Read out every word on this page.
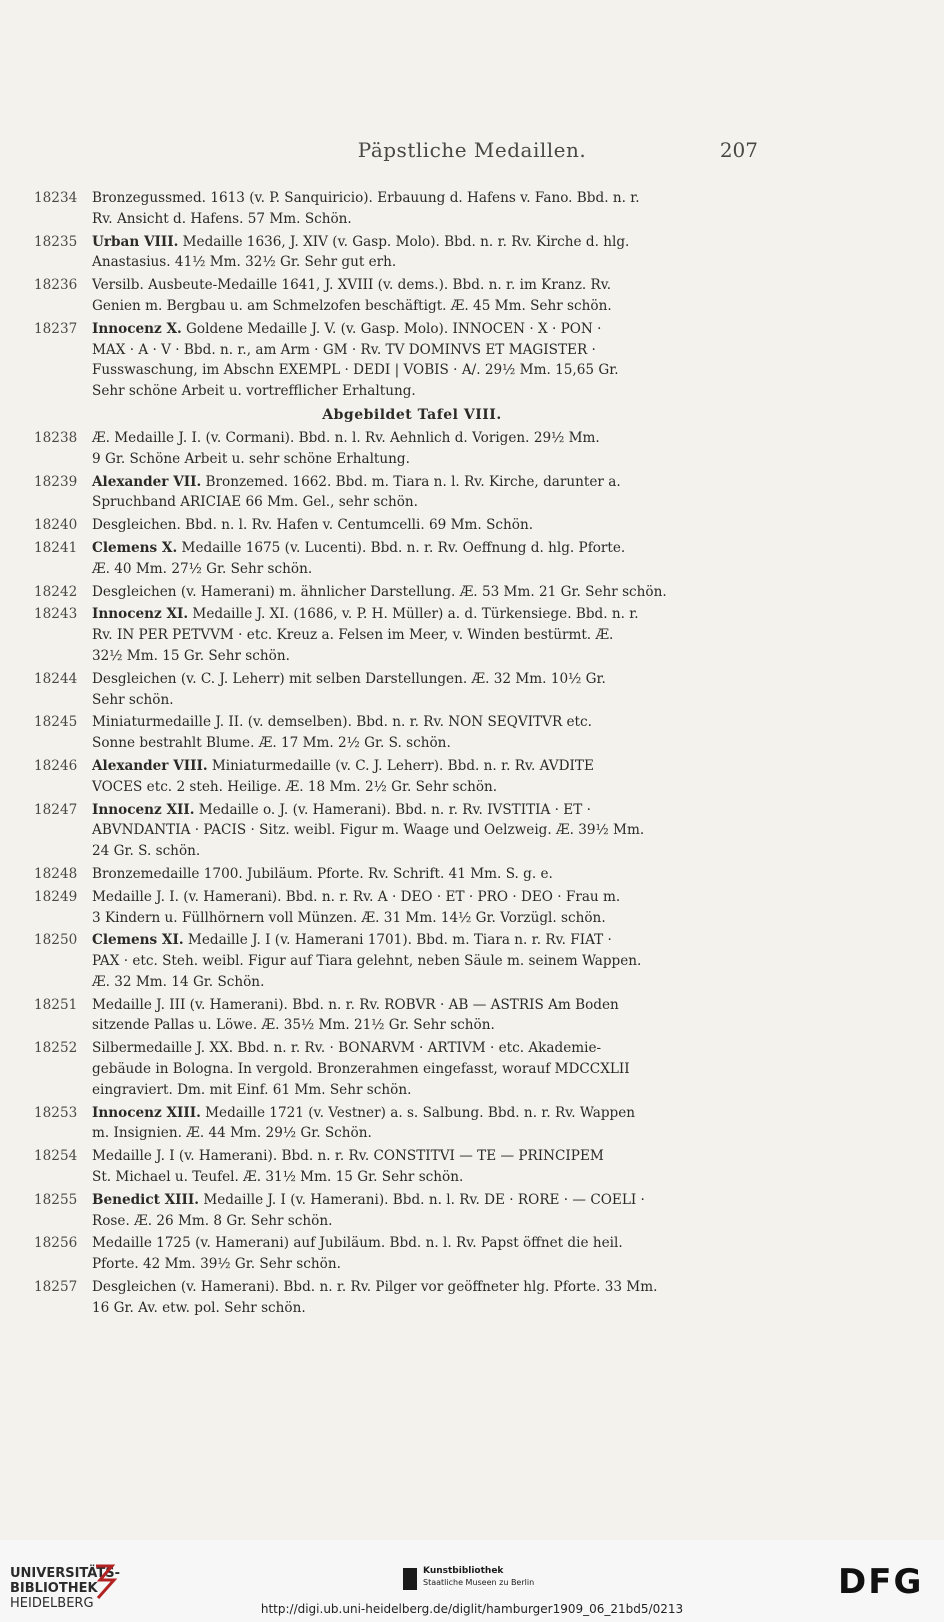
Päpstliche Medaillen.	207
18234 Bronzegussmed. 1613 (v. P. Sanquiricio). Erbauung d. Hafens v. Fano. Bbd. n. r.
Rv. Ansicht d. Hafens. 57 Mm. Schön.
18235 Urban VIII. Medaille 1636, J. XIV (v. Gasp. Molo). Bbd. n. r. Rv. Kirche d. hlg.
Anastasius. 41½ Mm. 32½ Gr. Sehr gut erh.
18236 Versilb. Ausbeute-Medaille 1641, J. XVIII (v. dems.). Bbd. n. r. im Kranz. Rv.
Genien m. Bergbau u. am Schmelzofen beschäftigt. Æ. 45 Mm. Sehr schön.
18237 Innocenz X. Goldene Medaille J. V. (v. Gasp. Molo). INNOCEN · X · PON ·
MAX · A · V · Bbd. n. r., am Arm · GM · Rv. TV DOMINVS ET MAGISTER ·
Fusswaschung, im Abschn EXEMPL · DEDI | VOBIS · A/. 29½ Mm. 15,65 Gr.
Sehr schöne Arbeit u. vortrefflicher Erhaltung.
Abgebildet Tafel VIII.
18238 Æ. Medaille J. I. (v. Cormani). Bbd. n. l. Rv. Aehnlich d. Vorigen. 29½ Mm.
9 Gr. Schöne Arbeit u. sehr schöne Erhaltung.
18239 Alexander VII. Bronzemed. 1662. Bbd. m. Tiara n. l. Rv. Kirche, darunter a.
Spruchband ARICIAE 66 Mm. Gel., sehr schön.
18240 Desgleichen. Bbd. n. l. Rv. Hafen v. Centumcelli. 69 Mm. Schön.
18241 Clemens X. Medaille 1675 (v. Lucenti). Bbd. n. r. Rv. Oeffnung d. hlg. Pforte.
Æ. 40 Mm. 27½ Gr. Sehr schön.
18242 Desgleichen (v. Hamerani) m. ähnlicher Darstellung. Æ. 53 Mm. 21 Gr. Sehr schön.
18243 Innocenz XI. Medaille J. XI. (1686, v. P. H. Müller) a. d. Türkensiege. Bbd. n. r.
Rv. IN PER PETVVM · etc. Kreuz a. Felsen im Meer, v. Winden bestürmt. Æ.
32½ Mm. 15 Gr. Sehr schön.
18244 Desgleichen (v. C. J. Leherr) mit selben Darstellungen. Æ. 32 Mm. 10½ Gr.
Sehr schön.
18245 Miniaturmedaille J. II. (v. demselben). Bbd. n. r. Rv. NON SEQVITVR etc.
Sonne bestrahlt Blume. Æ. 17 Mm. 2½ Gr. S. schön.
18246 Alexander VIII. Miniaturmedaille (v. C. J. Leherr). Bbd. n. r. Rv. AVDITE
VOCES etc. 2 steh. Heilige. Æ. 18 Mm. 2½ Gr. Sehr schön.
18247 Innocenz XII. Medaille o. J. (v. Hamerani). Bbd. n. r. Rv. IVSTITIA · ET ·
ABVNDANTIA · PACIS · Sitz. weibl. Figur m. Waage und Oelzweig. Æ. 39½ Mm.
24 Gr. S. schön.
18248 Bronzemedaille 1700. Jubiläum. Pforte. Rv. Schrift. 41 Mm. S. g. e.
18249 Medaille J. I. (v. Hamerani). Bbd. n. r. Rv. A · DEO · ET · PRO · DEO · Frau m.
3 Kindern u. Füllhörnern voll Münzen. Æ. 31 Mm. 14½ Gr. Vorzügl. schön.
18250 Clemens XI. Medaille J. I (v. Hamerani 1701). Bbd. m. Tiara n. r. Rv. FIAT ·
PAX · etc. Steh. weibl. Figur auf Tiara gelehnt, neben Säule m. seinem Wappen.
Æ. 32 Mm. 14 Gr. Schön.
18251 Medaille J. III (v. Hamerani). Bbd. n. r. Rv. ROBVR · AB — ASTRIS Am Boden
sitzende Pallas u. Löwe. Æ. 35½ Mm. 21½ Gr. Sehr schön.
18252 Silbermedaille J. XX. Bbd. n. r. Rv. · BONARVM · ARTIVM · etc. Akademie-
gebäude in Bologna. In vergold. Bronzerahmen eingefasst, worauf MDCCXLII
eingraviert. Dm. mit Einf. 61 Mm. Sehr schön.
18253 Innocenz XIII. Medaille 1721 (v. Vestner) a. s. Salbung. Bbd. n. r. Rv. Wappen
m. Insignien. Æ. 44 Mm. 29½ Gr. Schön.
18254 Medaille J. I (v. Hamerani). Bbd. n. r. Rv. CONSTITVI — TE — PRINCIPEM
St. Michael u. Teufel. Æ. 31½ Mm. 15 Gr. Sehr schön.
18255 Benedict XIII. Medaille J. I (v. Hamerani). Bbd. n. l. Rv. DE · RORE · — COELI ·
Rose. Æ. 26 Mm. 8 Gr. Sehr schön.
18256 Medaille 1725 (v. Hamerani) auf Jubiläum. Bbd. n. l. Rv. Papst öffnet die heil.
Pforte. 42 Mm. 39½ Gr. Sehr schön.
18257 Desgleichen (v. Hamerani). Bbd. n. r. Rv. Pilger vor geöffneter hlg. Pforte. 33 Mm.
16 Gr. Av. etw. pol. Sehr schön.
UNIVERSITÄTS-
BIBLIOTHEK
HEIDELBERG
Kunstbibliothek
Staatliche Museen zu Berlin	DFG
http://digi.ub.uni-heidelberg.de/diglit/hamburger1909_06_21bd5/0213
